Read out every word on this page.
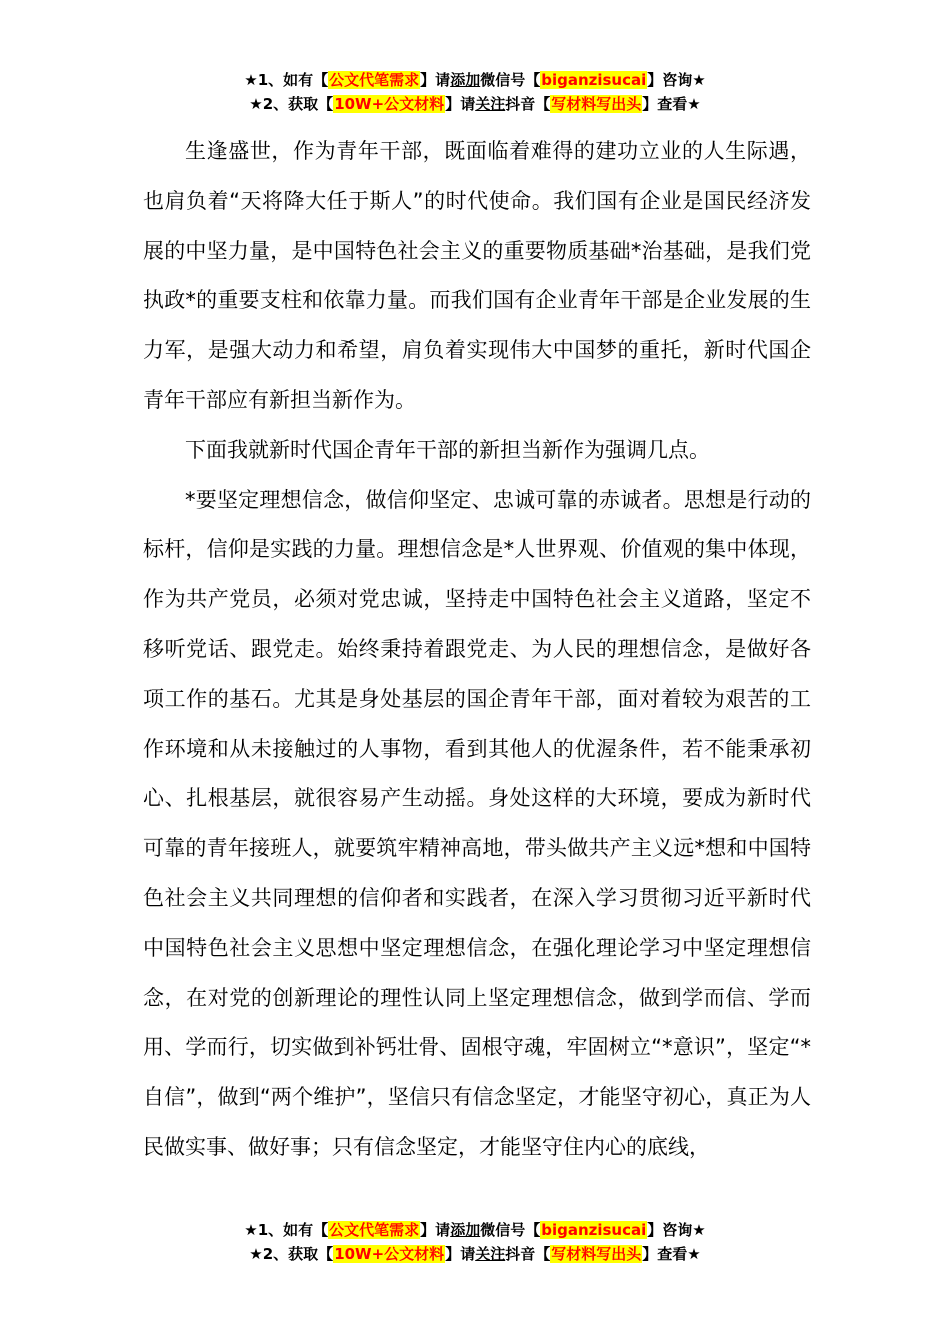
★1、如有【公文代笔需求】请添加微信号【biganzisucai】咨询★
★2、获取【10W+公文材料】请关注抖音【写材料写出头】查看★

生逢盛世，作为青年干部，既面临着难得的建功立业的人生际遇，也肩负着“天将降大任于斯人”的时代使命。我们国有企业是国民经济发展的中坚力量，是中国特色社会主义的重要物质基础*治基础，是我们党执政*的重要支柱和依靠力量。而我们国有企业青年干部是企业发展的生力军，是强大动力和希望，肩负着实现伟大中国梦的重托，新时代国企青年干部应有新担当新作为。

下面我就新时代国企青年干部的新担当新作为强调几点。

*要坚定理想信念，做信仰坚定、忠诚可靠的赤诚者。思想是行动的标杆，信仰是实践的力量。理想信念是*人世界观、价值观的集中体现，作为共产党员，必须对党忠诚，坚持走中国特色社会主义道路，坚定不移听党话、跟党走。始终秉持着跟党走、为人民的理想信念，是做好各项工作的基石。尤其是身处基层的国企青年干部，面对着较为艰苦的工作环境和从未接触过的人事物，看到其他人的优渥条件，若不能秉承初心、扎根基层，就很容易产生动摇。身处这样的大环境，要成为新时代可靠的青年接班人，就要筑牢精神高地，带头做共产主义远*想和中国特色社会主义共同理想的信仰者和实践者，在深入学习贯彻习近平新时代中国特色社会主义思想中坚定理想信念，在强化理论学习中坚定理想信念，在对党的创新理论的理性认同上坚定理想信念，做到学而信、学而用、学而行，切实做到补钙壮骨、固根守魂，牢固树立“*意识”，坚定“*自信”，做到“两个维护”，坚信只有信念坚定，才能坚守初心，真正为人民做实事、做好事；只有信念坚定，才能坚守住内心的底线，

★1、如有【公文代笔需求】请添加微信号【biganzisucai】咨询★
★2、获取【10W+公文材料】请关注抖音【写材料写出头】查看★
